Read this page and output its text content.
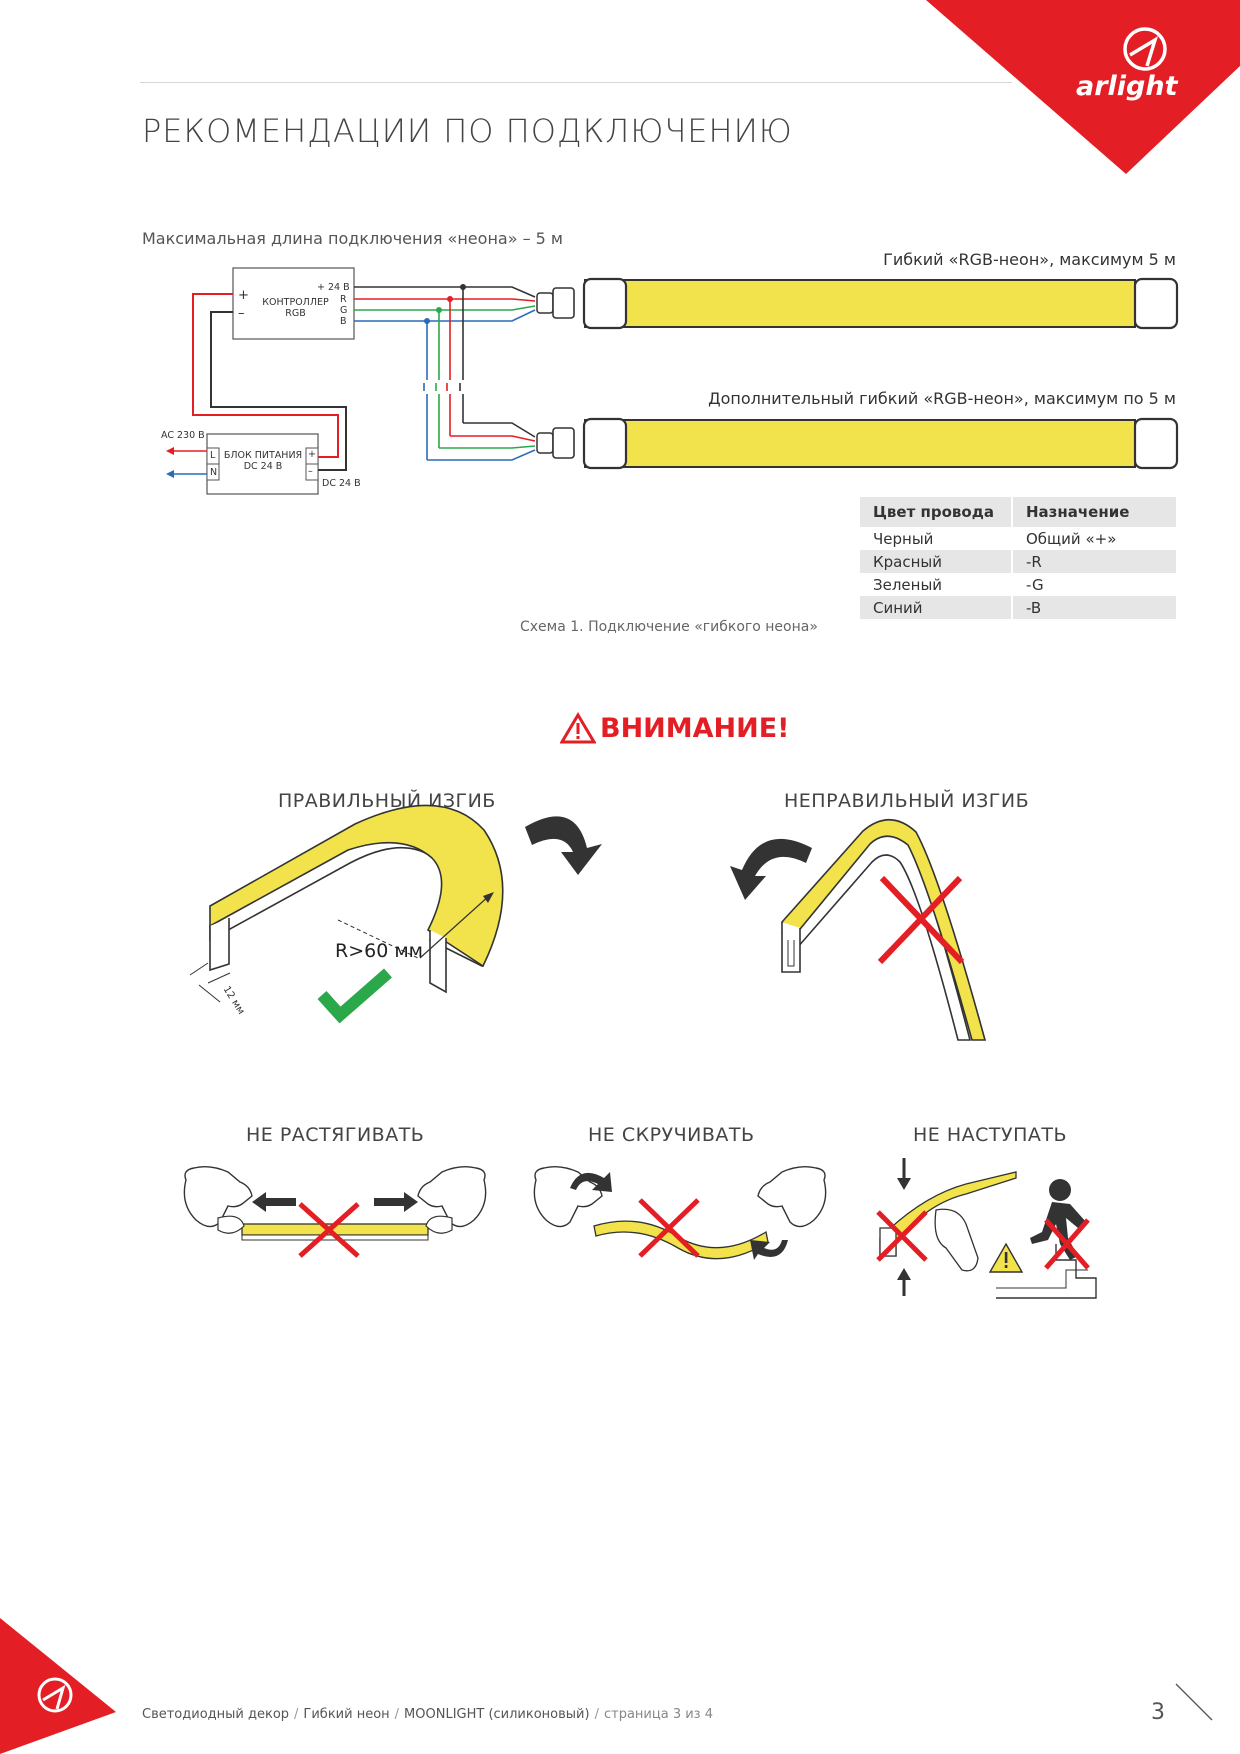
arlight
РЕКОМЕНДАЦИИ ПО ПОДКЛЮЧЕНИЮ
Максимальная длина подключения «неона» – 5 м
Гибкий «RGB-неон», максимум 5 м
Дополнительный гибкий «RGB-неон», максимум по 5 м
+
–
КОНТРОЛЛЕР
RGB
+ 24 В
R
G
B
БЛОК ПИТАНИЯ
DC 24 В
L
N
+
–
AC 230 В
DC 24 В
Цвет провода	Назначение
Черный	Общий «+»
Красный	-R
Зеленый	-G
Синий	-B
Схема 1. Подключение «гибкого неона»
ВНИМАНИЕ!
ПРАВИЛЬНЫЙ ИЗГИБ	НЕПРАВИЛЬНЫЙ ИЗГИБ
R>60 мм
12 мм
НЕ РАСТЯГИВАТЬ	НЕ СКРУЧИВАТЬ	НЕ НАСТУПАТЬ
Светодиодный декор / Гибкий неон / MOONLIGHT (силиконовый) / страница 3 из 4	3
